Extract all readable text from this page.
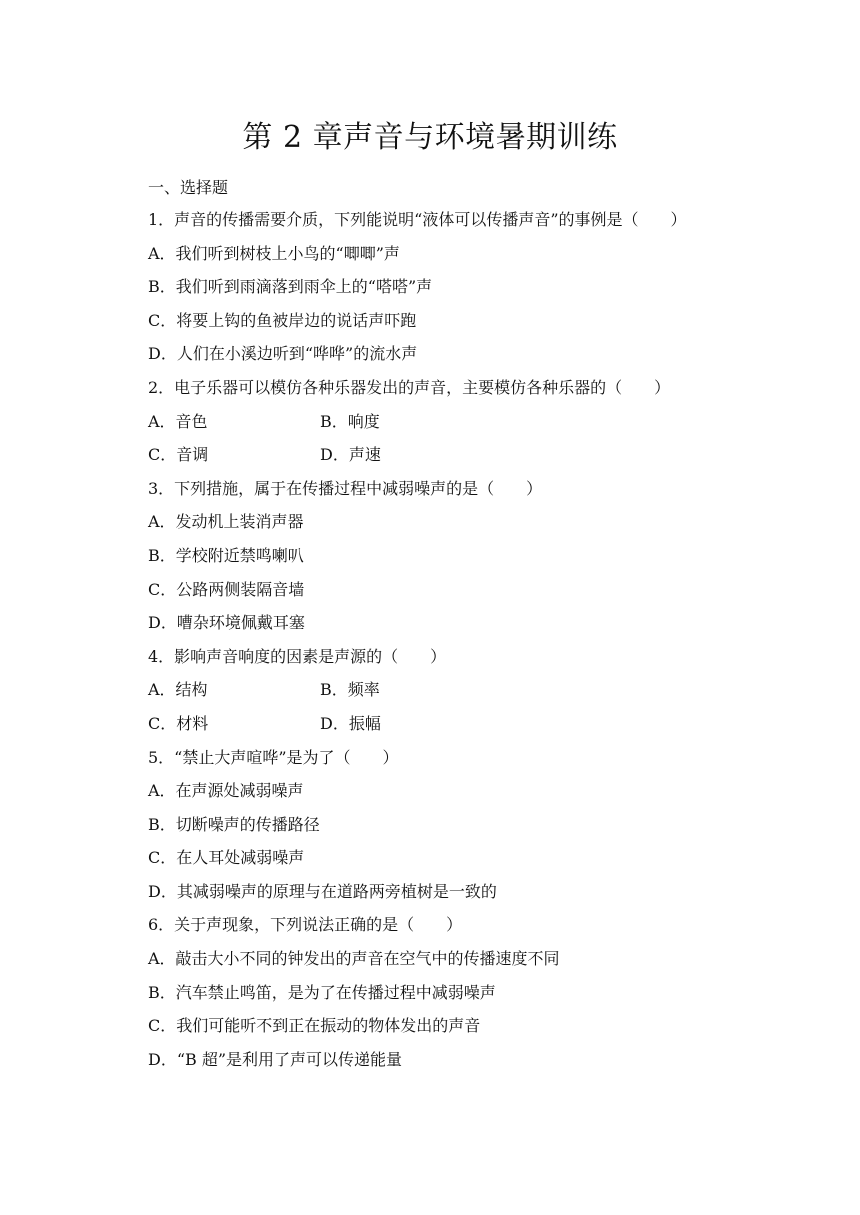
第 2 章声音与环境暑期训练
一、选择题
1．声音的传播需要介质，下列能说明“液体可以传播声音”的事例是（　　）
A．我们听到树枝上小鸟的“唧唧”声
B．我们听到雨滴落到雨伞上的“嗒嗒”声
C．将要上钩的鱼被岸边的说话声吓跑
D．人们在小溪边听到“哗哗”的流水声
2．电子乐器可以模仿各种乐器发出的声音，主要模仿各种乐器的（　　）
A．音色	B．响度
C．音调	D．声速
3．下列措施，属于在传播过程中减弱噪声的是（　　）
A．发动机上装消声器
B．学校附近禁鸣喇叭
C．公路两侧装隔音墙
D．嘈杂环境佩戴耳塞
4．影响声音响度的因素是声源的（　　）
A．结构	B．频率
C．材料	D．振幅
5．“禁止大声喧哗”是为了（　　）
A．在声源处减弱噪声
B．切断噪声的传播路径
C．在人耳处减弱噪声
D．其减弱噪声的原理与在道路两旁植树是一致的
6．关于声现象，下列说法正确的是（　　）
A．敲击大小不同的钟发出的声音在空气中的传播速度不同
B．汽车禁止鸣笛，是为了在传播过程中减弱噪声
C．我们可能听不到正在振动的物体发出的声音
D．“B 超”是利用了声可以传递能量
